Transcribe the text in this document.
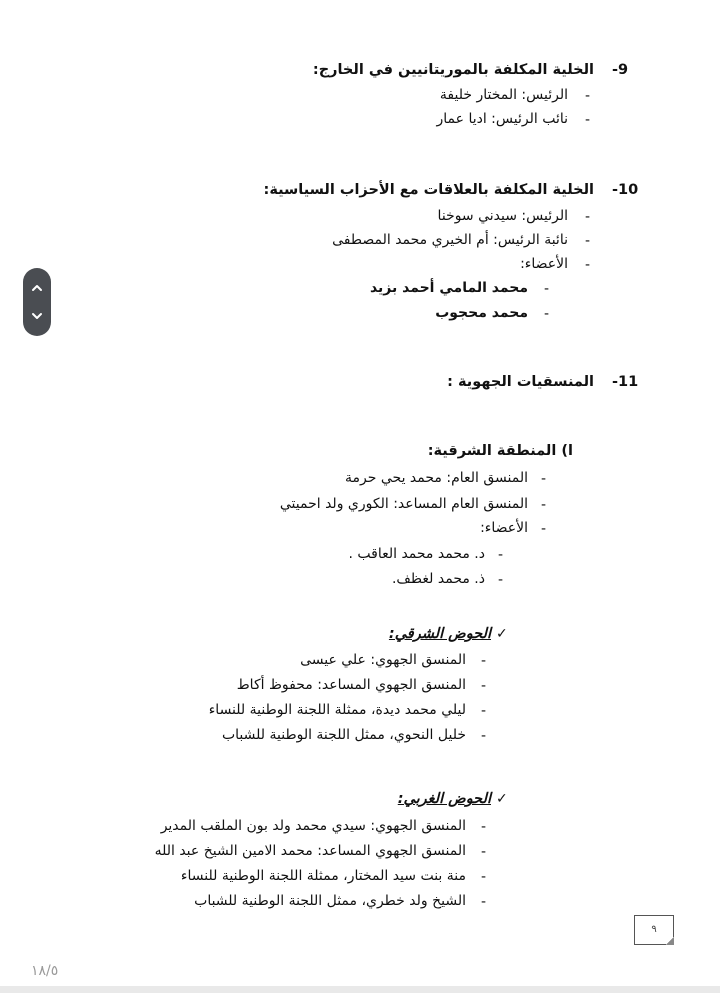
-9
الخلية المكلفة بالموريتانيين في الخارج:
-
الرئيس: المختار خليفة
-
نائب الرئيس: اديا عمار
-10
الخلية المكلفة بالعلاقات مع الأحزاب السياسية:
-
الرئيس: سيدني سوخنا
-
نائبة الرئيس: أم الخيري محمد المصطفى
-
الأعضاء:
-
محمد المامي أحمد بزيد
-
محمد محجوب
-11
المنسقيات الجهوية :
ا) المنطقة الشرقية:
-
المنسق العام: محمد يحي حرمة
-
المنسق العام المساعد: الكوري ولد احميتي
-
الأعضاء:
-
د. محمد محمد العاقب .
-
ذ. محمد لغظف.
✓
الحوض الشرقي:
-
المنسق الجهوي: علي عيسى
-
المنسق الجهوي المساعد: محفوظ أكاط
-
ليلي محمد ديدة، ممثلة اللجنة الوطنية للنساء
-
خليل النحوي، ممثل اللجنة الوطنية للشباب
✓
الحوض الغربي:
-
المنسق الجهوي: سيدي محمد ولد بون الملقب المدير
-
المنسق الجهوي المساعد: محمد الامين الشيخ عبد الله
-
منة بنت سيد المختار، ممثلة اللجنة الوطنية للنساء
-
الشيخ ولد خطري، ممثل اللجنة الوطنية للشباب
٩
١٨/٥
